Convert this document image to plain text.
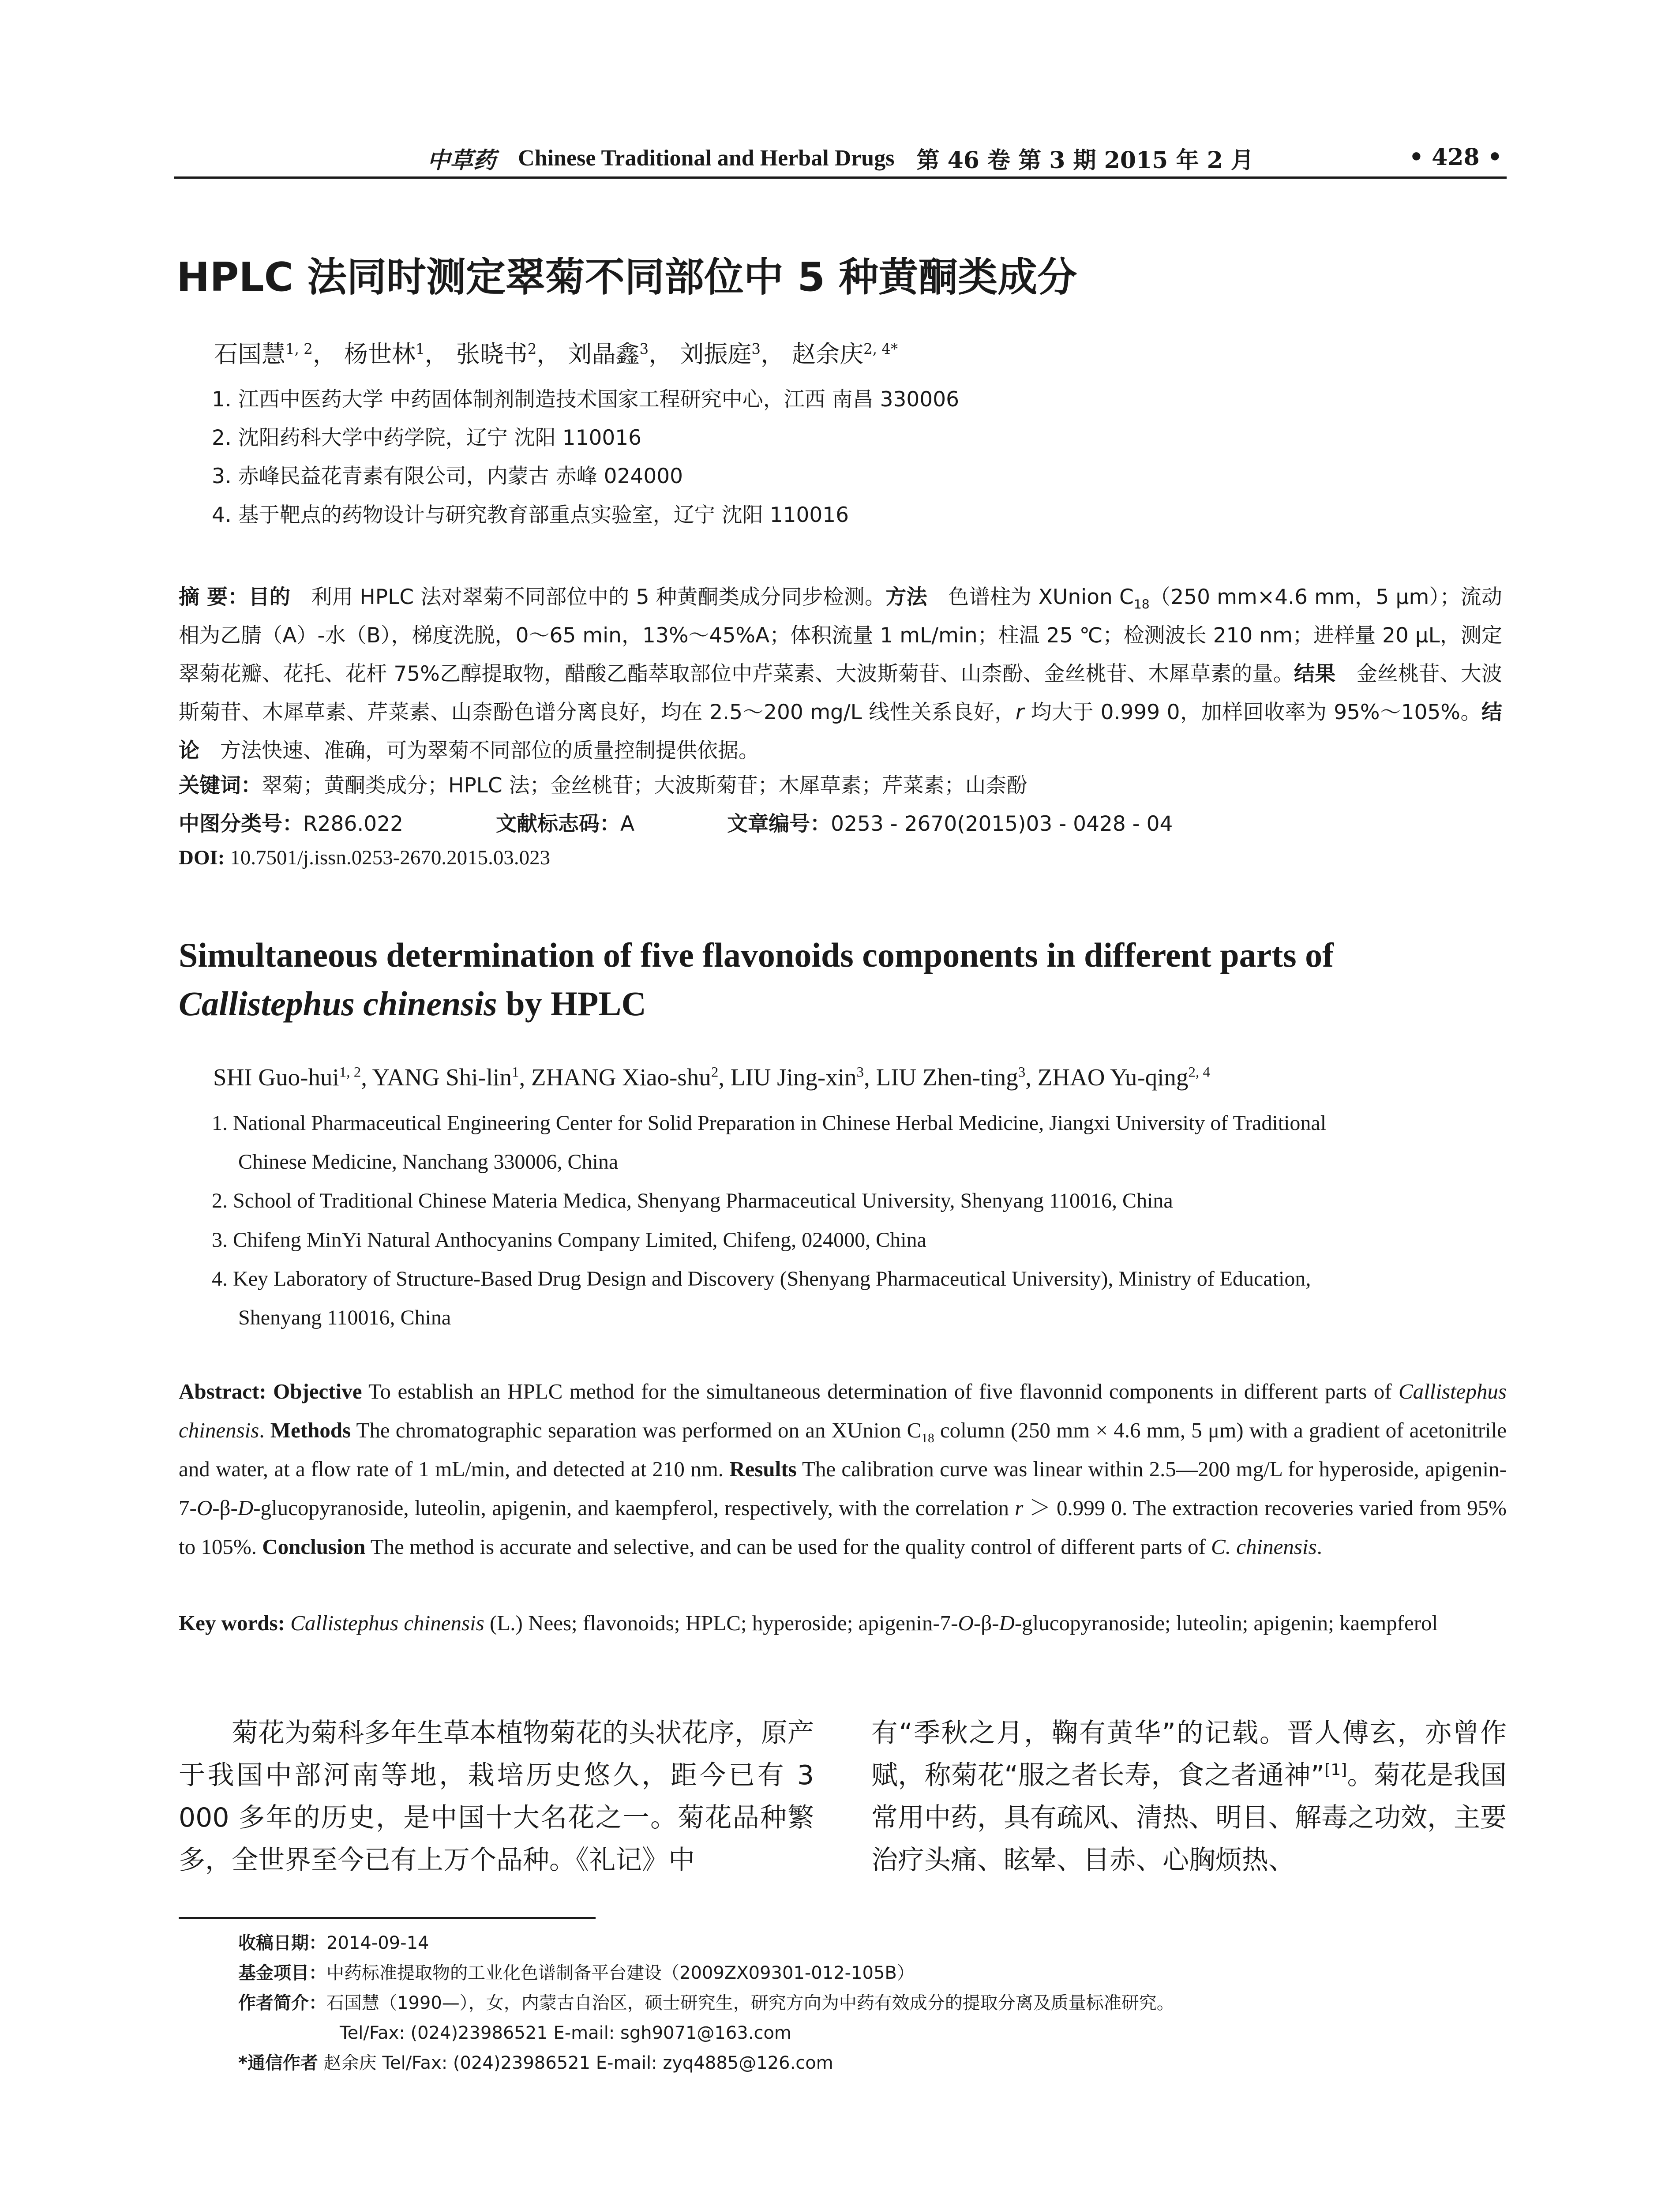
中草药 Chinese Traditional and Herbal Drugs 第 46 卷 第 3 期 2015 年 2 月	• 428 •
HPLC 法同时测定翠菊不同部位中 5 种黄酮类成分
石国慧$^{1, 2}$， 杨世林$^1$， 张晓书$^2$， 刘晶鑫$^3$， 刘振庭$^3$， 赵余庆$^{2, 4*}$
1. 江西中医药大学 中药固体制剂制造技术国家工程研究中心，江西 南昌 330006
2. 沈阳药科大学中药学院，辽宁 沈阳 110016
3. 赤峰民益花青素有限公司，内蒙古 赤峰 024000
4. 基于靶点的药物设计与研究教育部重点实验室，辽宁 沈阳 110016
摘 要：目的　利用 HPLC 法对翠菊不同部位中的 5 种黄酮类成分同步检测。方法　色谱柱为 XUnion $C_{18}(250$ mm×4.6 mm，5 μm）；流动相为乙腈（A）-水（B），梯度洗脱，0～65 min，13%～45%A；体积流量 1 mL/min；柱温 25 ℃；检测波长 210 nm；进样量 20 μL，测定翠菊花瓣、花托、花杆 75%乙醇提取物，醋酸乙酯萃取部位中芹菜素、大波斯菊苷、山柰酚、金丝桃苷、木犀草素的量。结果　金丝桃苷、大波斯菊苷、木犀草素、芹菜素、山柰酚色谱分离良好，均在 2.5～200 mg/L 线性关系良好，r 均大于 0.999 0，加样回收率为 95%～105%。结论　方法快速、准确，可为翠菊不同部位的质量控制提供依据。
关键词：翠菊；黄酮类成分；HPLC 法；金丝桃苷；大波斯菊苷；木犀草素；芹菜素；山柰酚
中图分类号：R286.022	文献标志码：A	文章编号：0253 - 2670(2015)03 - 0428 - 04
DOI: 10.7501/j.issn.0253-2670.2015.03.023
Simultaneous determination of five flavonoids components in different parts of
Callistephus chinensis by HPLC
SHI Guo-hui$^{1, 2}$, YANG Shi-lin$^1$, ZHANG Xiao-shu$^2$, LIU Jing-xin$^3$, LIU Zhen-ting$^3$, ZHAO Yu-qing$^{2, 4}$
1. National Pharmaceutical Engineering Center for Solid Preparation in Chinese Herbal Medicine, Jiangxi University of Traditional
Chinese Medicine, Nanchang 330006, China
2. School of Traditional Chinese Materia Medica, Shenyang Pharmaceutical University, Shenyang 110016, China
3. Chifeng MinYi Natural Anthocyanins Company Limited, Chifeng, 024000, China
4. Key Laboratory of Structure-Based Drug Design and Discovery (Shenyang Pharmaceutical University), Ministry of Education,
Shenyang 110016, China
Abstract: Objective To establish an HPLC method for the simultaneous determination of five flavonnid components in different parts of Callistephus chinensis. Methods The chromatographic separation was performed on an XUnion $C_{18}$ column (250 mm × 4.6 mm, 5 μm) with a gradient of acetonitrile and water, at a flow rate of 1 mL/min, and detected at 210 nm. Results The calibration curve was linear within 2.5—200 mg/L for hyperoside, apigenin-7-O-β-D-glucopyranoside, luteolin, apigenin, and kaempferol, respectively, with the correlation r ＞ 0.999 0. The extraction recoveries varied from 95% to 105%. Conclusion The method is accurate and selective, and can be used for the quality control of different parts of C. chinensis.
Key words: Callistephus chinensis (L.) Nees; flavonoids; HPLC; hyperoside; apigenin-7-O-β-D-glucopyranoside; luteolin; apigenin; kaempferol
菊花为菊科多年生草本植物菊花的头状花序，原产于我国中部河南等地，栽培历史悠久，距今已有 3 000 多年的历史，是中国十大名花之一。菊花品种繁多，全世界至今已有上万个品种。《礼记》中
有“季秋之月，鞠有黄华”的记载。晋人傅玄，亦曾作赋，称菊花“服之者长寿，食之者通神”[1]。菊花是我国常用中药，具有疏风、清热、明目、解毒之功效，主要治疗头痛、眩晕、目赤、心胸烦热、
收稿日期：2014-09-14
基金项目：中药标准提取物的工业化色谱制备平台建设（2009ZX09301-012-105B）
作者简介：石国慧（1990—），女，内蒙古自治区，硕士研究生，研究方向为中药有效成分的提取分离及质量标准研究。
Tel/Fax: (024)23986521 E-mail: sgh9071@163.com
*通信作者 赵余庆 Tel/Fax: (024)23986521 E-mail: zyq4885@126.com
